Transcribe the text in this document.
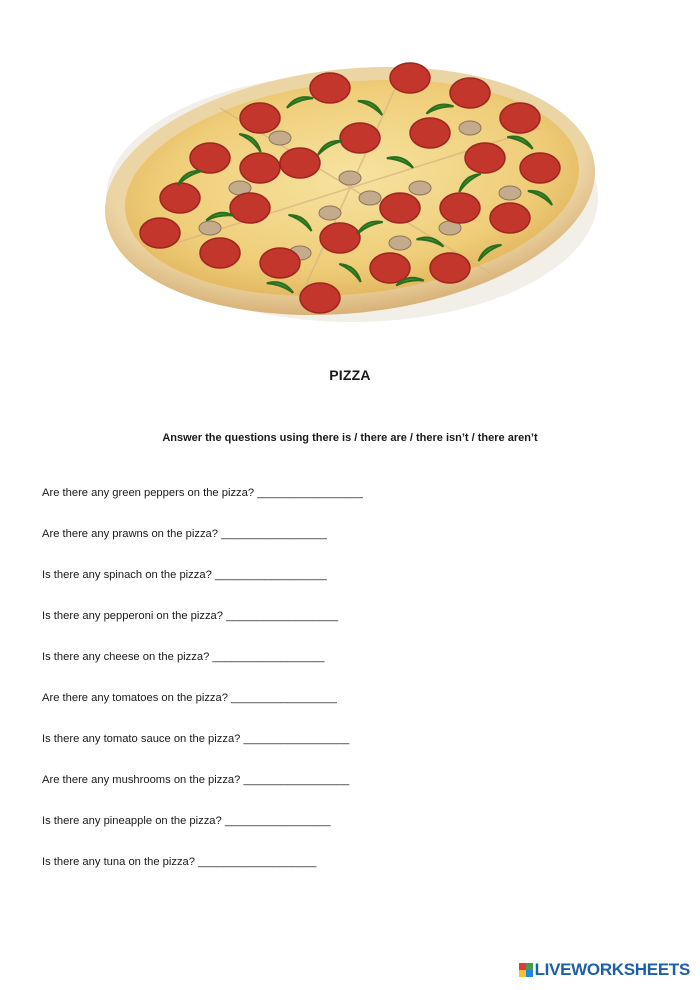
PIZZA
Answer the questions using there is / there are / there isn’t / there aren’t
Are there any green peppers on the pizza? _________________
Are there any prawns on the pizza? _________________
Is there any spinach on the pizza? __________________
Is there any pepperoni on the pizza? __________________
Is there any cheese on the pizza? __________________
Are there any tomatoes on the pizza? _________________
Is there any tomato sauce on the pizza? _________________
Are there any mushrooms on the pizza? _________________
Is there any pineapple on the pizza? _________________
Is there any tuna on the pizza? ___________________
LIVEWORKSHEETS
